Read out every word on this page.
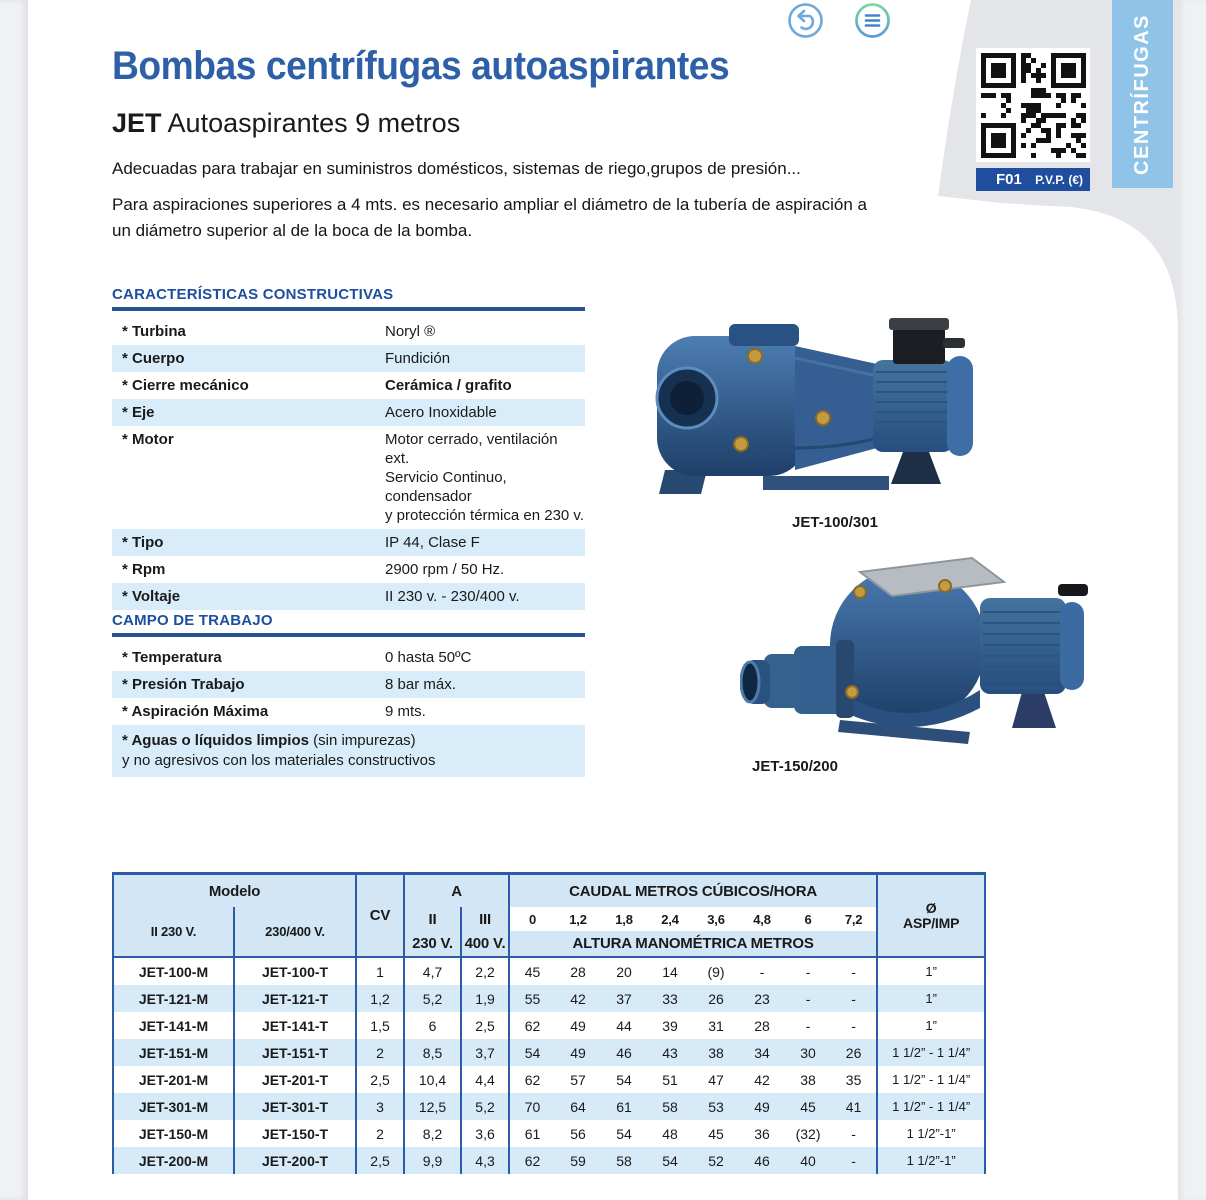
CENTRÍFUGAS
F01 P.V.P. (€)
Bombas centrífugas autoaspirantes
JET Autoaspirantes 9 metros
Adecuadas para trabajar en suministros domésticos, sistemas de riego,grupos de presión...
Para aspiraciones superiores a 4 mts. es necesario ampliar el diámetro de la tubería de aspiración a un diámetro superior al de la boca de la bomba.
CARACTERÍSTICAS CONSTRUCTIVAS
* Turbina	Noryl ®
* Cuerpo	Fundición
* Cierre mecánico	Cerámica / grafito
* Eje	Acero Inoxidable
* Motor	Motor cerrado, ventilación ext.
Servicio Continuo, condensador
y protección térmica en 230 v.
* Tipo	IP 44, Clase F
* Rpm	2900 rpm / 50 Hz.
* Voltaje	II 230 v. - 230/400 v.
CAMPO DE TRABAJO
* Temperatura	0 hasta 50ºC
* Presión Trabajo	8 bar máx.
* Aspiración Máxima	9 mts.
* Aguas o líquidos limpios (sin impurezas)
y no agresivos con los materiales constructivos
JET-100/301
JET-150/200
Modelo		CV	A		CAUDAL METROS CÚBICOS/HORA								Ø
ASP/IMP
II 230 V.	230/400 V.		II	III	0	1,2	1,8	2,4	3,6	4,8	6	7,2	
			230 V.	400 V.	ALTURA MANOMÉTRICA METROS								
JET-100-M	JET-100-T	1	4,7	2,2	45	28	20	14	(9)	-	-	-	1”
JET-121-M	JET-121-T	1,2	5,2	1,9	55	42	37	33	26	23	-	-	1”
JET-141-M	JET-141-T	1,5	6	2,5	62	49	44	39	31	28	-	-	1”
JET-151-M	JET-151-T	2	8,5	3,7	54	49	46	43	38	34	30	26	1 1/2” - 1 1/4”
JET-201-M	JET-201-T	2,5	10,4	4,4	62	57	54	51	47	42	38	35	1 1/2” - 1 1/4”
JET-301-M	JET-301-T	3	12,5	5,2	70	64	61	58	53	49	45	41	1 1/2” - 1 1/4”
JET-150-M	JET-150-T	2	8,2	3,6	61	56	54	48	45	36	(32)	-	1 1/2”-1”
JET-200-M	JET-200-T	2,5	9,9	4,3	62	59	58	54	52	46	40	-	1 1/2”-1”
